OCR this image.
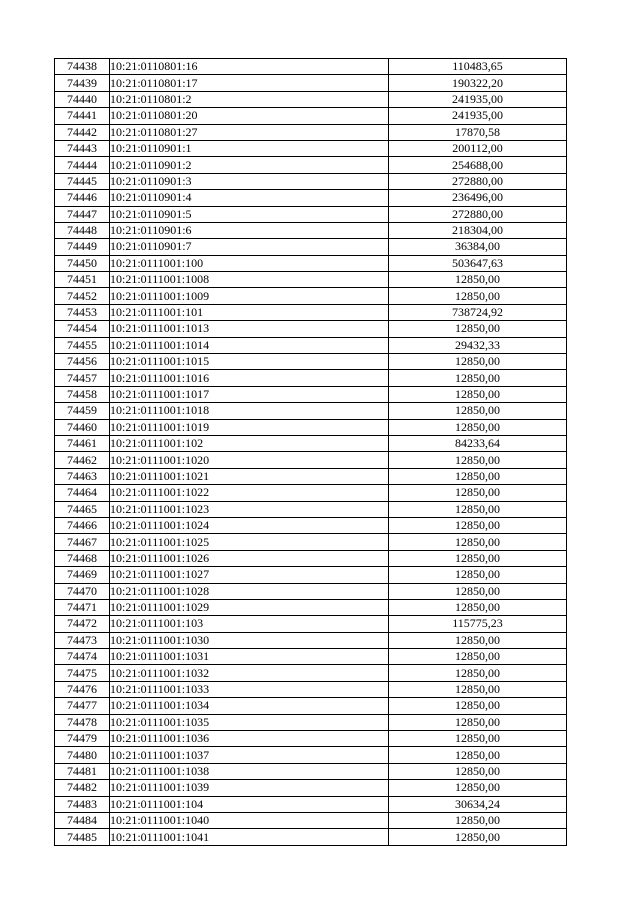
74438	10:21:0110801:16	110483,65
74439	10:21:0110801:17	190322,20
74440	10:21:0110801:2	241935,00
74441	10:21:0110801:20	241935,00
74442	10:21:0110801:27	17870,58
74443	10:21:0110901:1	200112,00
74444	10:21:0110901:2	254688,00
74445	10:21:0110901:3	272880,00
74446	10:21:0110901:4	236496,00
74447	10:21:0110901:5	272880,00
74448	10:21:0110901:6	218304,00
74449	10:21:0110901:7	36384,00
74450	10:21:0111001:100	503647,63
74451	10:21:0111001:1008	12850,00
74452	10:21:0111001:1009	12850,00
74453	10:21:0111001:101	738724,92
74454	10:21:0111001:1013	12850,00
74455	10:21:0111001:1014	29432,33
74456	10:21:0111001:1015	12850,00
74457	10:21:0111001:1016	12850,00
74458	10:21:0111001:1017	12850,00
74459	10:21:0111001:1018	12850,00
74460	10:21:0111001:1019	12850,00
74461	10:21:0111001:102	84233,64
74462	10:21:0111001:1020	12850,00
74463	10:21:0111001:1021	12850,00
74464	10:21:0111001:1022	12850,00
74465	10:21:0111001:1023	12850,00
74466	10:21:0111001:1024	12850,00
74467	10:21:0111001:1025	12850,00
74468	10:21:0111001:1026	12850,00
74469	10:21:0111001:1027	12850,00
74470	10:21:0111001:1028	12850,00
74471	10:21:0111001:1029	12850,00
74472	10:21:0111001:103	115775,23
74473	10:21:0111001:1030	12850,00
74474	10:21:0111001:1031	12850,00
74475	10:21:0111001:1032	12850,00
74476	10:21:0111001:1033	12850,00
74477	10:21:0111001:1034	12850,00
74478	10:21:0111001:1035	12850,00
74479	10:21:0111001:1036	12850,00
74480	10:21:0111001:1037	12850,00
74481	10:21:0111001:1038	12850,00
74482	10:21:0111001:1039	12850,00
74483	10:21:0111001:104	30634,24
74484	10:21:0111001:1040	12850,00
74485	10:21:0111001:1041	12850,00
